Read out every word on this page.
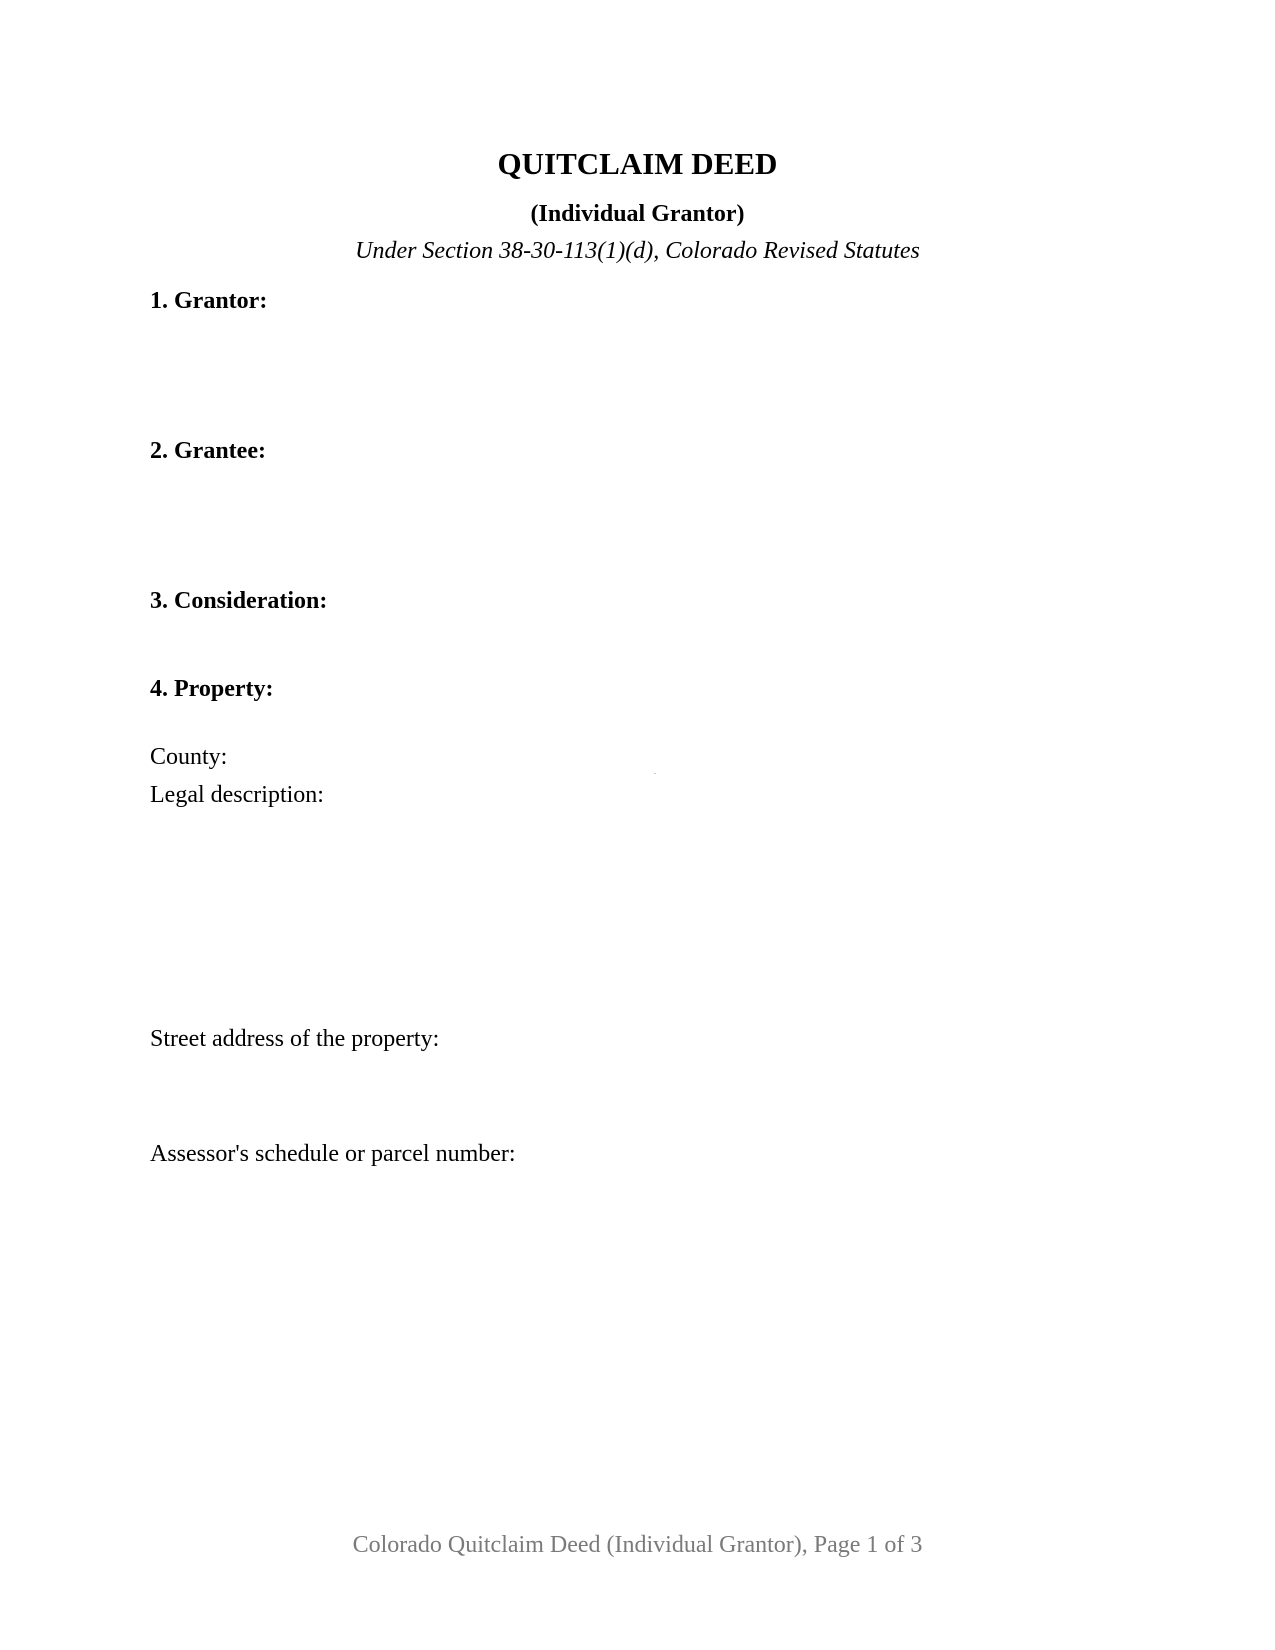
QUITCLAIM DEED
(Individual Grantor)
Under Section 38-30-113(1)(d), Colorado Revised Statutes
1. Grantor:
2. Grantee:
3. Consideration:
4. Property:
County:
Legal description:
Street address of the property:
Assessor's schedule or parcel number:
Colorado Quitclaim Deed (Individual Grantor), Page 1 of 3
